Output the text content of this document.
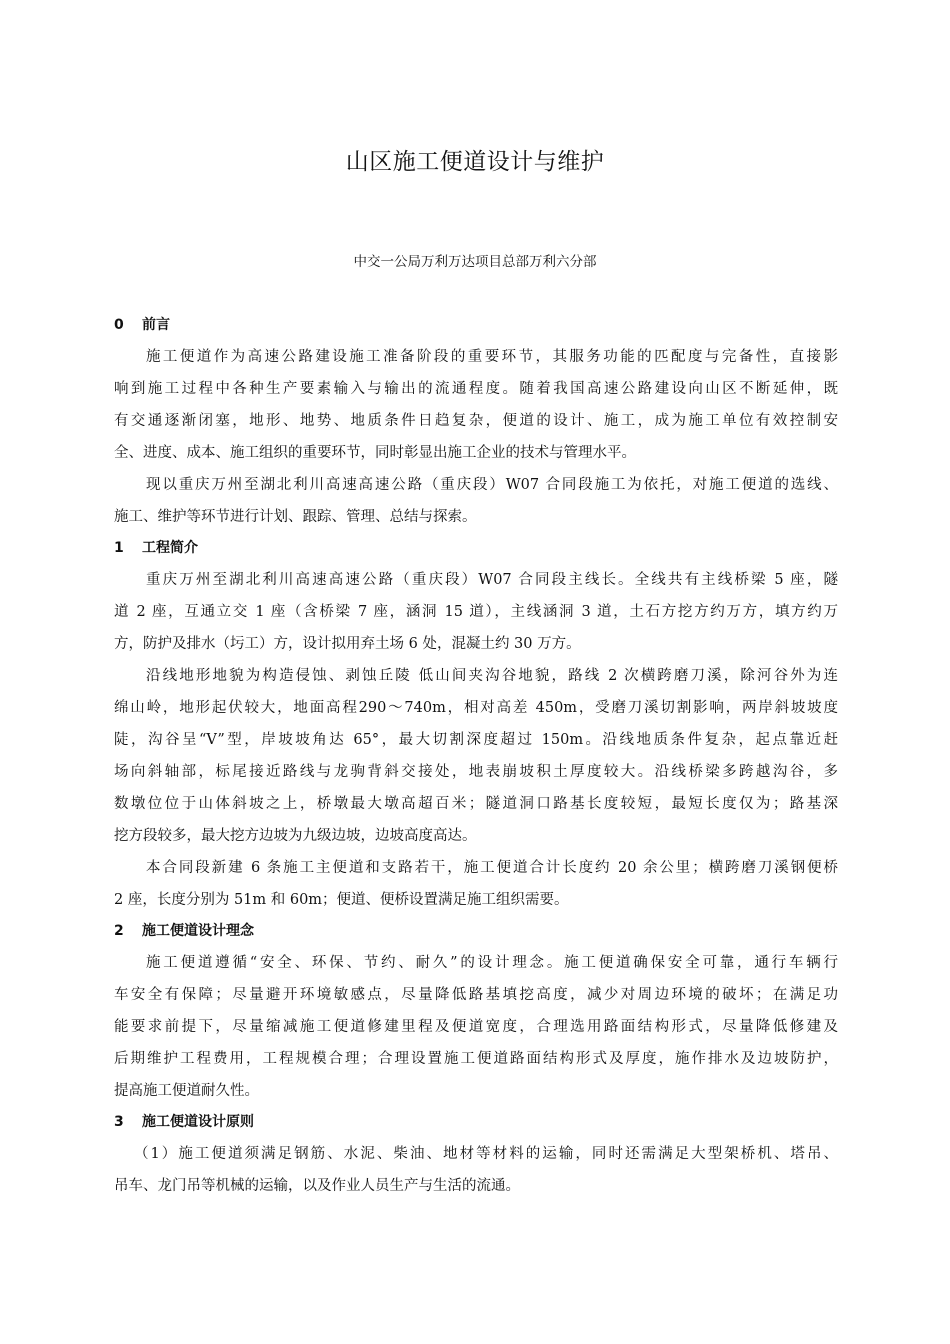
山区施工便道设计与维护
中交一公局万利万达项目总部万利六分部
0 前言
施工便道作为高速公路建设施工准备阶段的重要环节，其服务功能的匹配度与完备性，直接影
响到施工过程中各种生产要素输入与输出的流通程度。随着我国高速公路建设向山区不断延伸，既
有交通逐渐闭塞，地形、地势、地质条件日趋复杂，便道的设计、施工，成为施工单位有效控制安
全、进度、成本、施工组织的重要环节，同时彰显出施工企业的技术与管理水平。
现以重庆万州至湖北利川高速高速公路（重庆段）W07 合同段施工为依托，对施工便道的选线、
施工、维护等环节进行计划、跟踪、管理、总结与探索。
1 工程简介
重庆万州至湖北利川高速高速公路（重庆段）W07 合同段主线长。全线共有主线桥梁 5 座，隧
道 2 座，互通立交 1 座（含桥梁 7 座，涵洞 15 道），主线涵洞 3 道，土石方挖方约万方，填方约万
方，防护及排水（圬工）方，设计拟用弃土场 6 处，混凝土约 30 万方。
沿线地形地貌为构造侵蚀、剥蚀丘陵 低山间夹沟谷地貌，路线 2 次横跨磨刀溪，除河谷外为连
绵山岭，地形起伏较大，地面高程290～740m，相对高差 450m，受磨刀溪切割影响，两岸斜坡坡度
陡，沟谷呈“V”型，岸坡坡角达 65°，最大切割深度超过 150m。沿线地质条件复杂，起点靠近赶
场向斜轴部，标尾接近路线与龙驹背斜交接处，地表崩坡积土厚度较大。沿线桥梁多跨越沟谷，多
数墩位位于山体斜坡之上，桥墩最大墩高超百米；隧道洞口路基长度较短，最短长度仅为；路基深
挖方段较多，最大挖方边坡为九级边坡，边坡高度高达。
本合同段新建 6 条施工主便道和支路若干，施工便道合计长度约 20 余公里；横跨磨刀溪钢便桥
2 座，长度分别为 51m 和 60m；便道、便桥设置满足施工组织需要。
2 施工便道设计理念
施工便道遵循“安全、环保、节约、耐久”的设计理念。施工便道确保安全可靠，通行车辆行
车安全有保障；尽量避开环境敏感点，尽量降低路基填挖高度，减少对周边环境的破坏；在满足功
能要求前提下，尽量缩减施工便道修建里程及便道宽度，合理选用路面结构形式，尽量降低修建及
后期维护工程费用，工程规模合理；合理设置施工便道路面结构形式及厚度，施作排水及边坡防护，
提高施工便道耐久性。
3 施工便道设计原则
（1）施工便道须满足钢筋、水泥、柴油、地材等材料的运输，同时还需满足大型架桥机、塔吊、
吊车、龙门吊等机械的运输，以及作业人员生产与生活的流通。
